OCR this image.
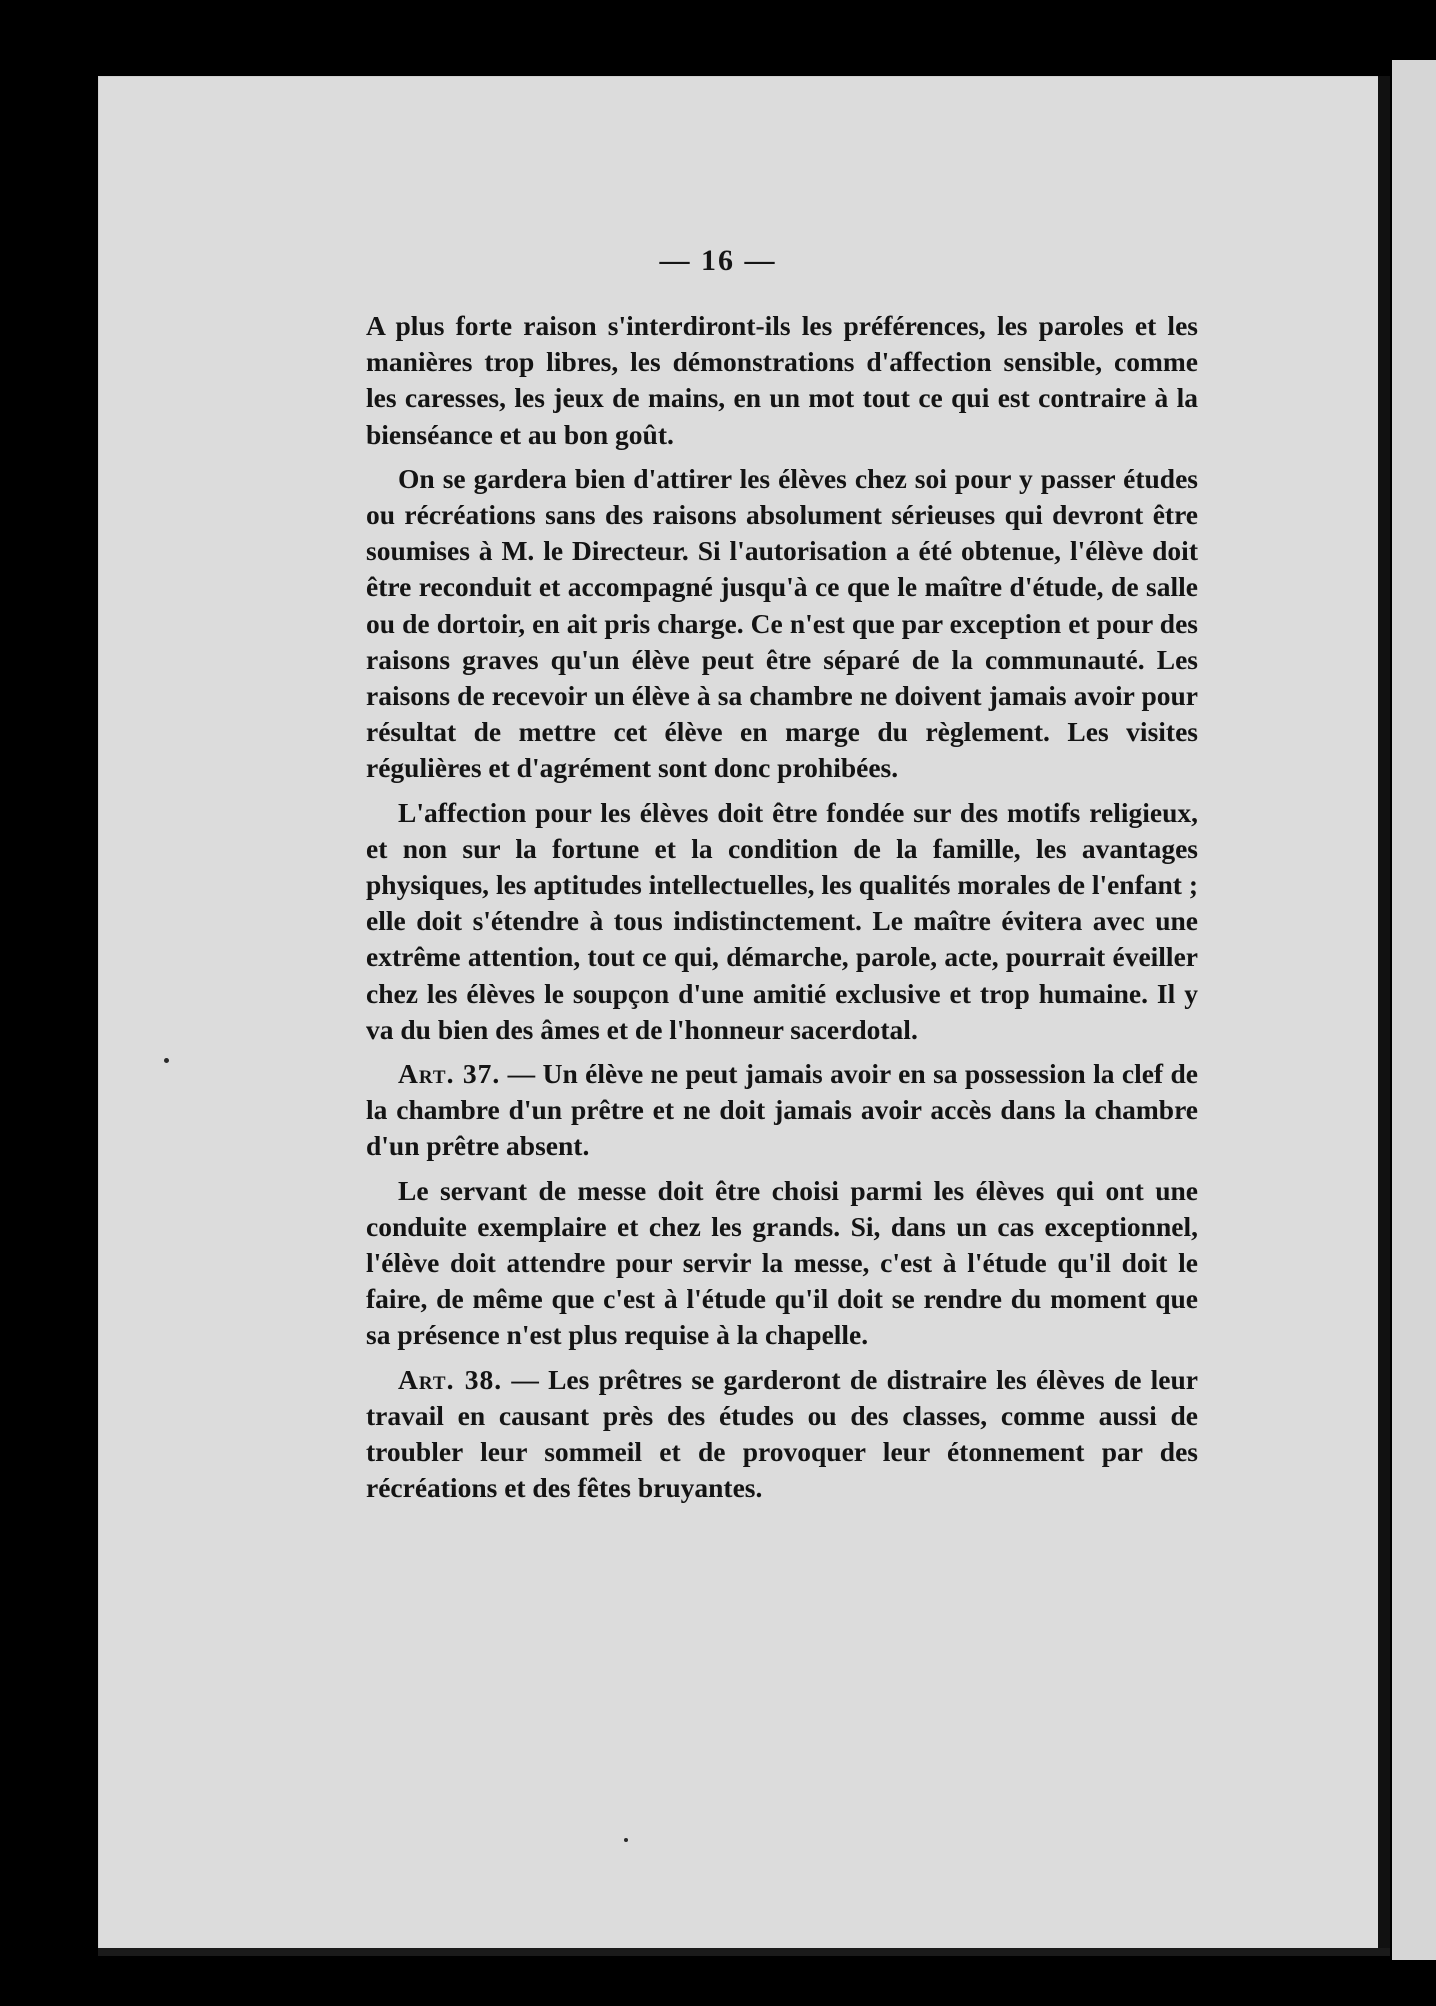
— 16 —

A plus forte raison s'interdiront-ils les préférences, les paroles et les manières trop libres, les démonstrations d'affection sensible, comme les caresses, les jeux de mains, en un mot tout ce qui est contraire à la bienséance et au bon goût.

On se gardera bien d'attirer les élèves chez soi pour y passer études ou récréations sans des raisons absolument sérieuses qui devront être soumises à M. le Directeur. Si l'autorisation a été obtenue, l'élève doit être reconduit et accompagné jusqu'à ce que le maître d'étude, de salle ou de dortoir, en ait pris charge. Ce n'est que par exception et pour des raisons graves qu'un élève peut être séparé de la communauté. Les raisons de recevoir un élève à sa chambre ne doivent jamais avoir pour résultat de mettre cet élève en marge du règlement. Les visites régulières et d'agrément sont donc prohibées.

L'affection pour les élèves doit être fondée sur des motifs religieux, et non sur la fortune et la condition de la famille, les avantages physiques, les aptitudes intellectuelles, les qualités morales de l'enfant ; elle doit s'étendre à tous indistinctement. Le maître évitera avec une extrême attention, tout ce qui, démarche, parole, acte, pourrait éveiller chez les élèves le soupçon d'une amitié exclusive et trop humaine. Il y va du bien des âmes et de l'honneur sacerdotal.

Art. 37. — Un élève ne peut jamais avoir en sa possession la clef de la chambre d'un prêtre et ne doit jamais avoir accès dans la chambre d'un prêtre absent.

Le servant de messe doit être choisi parmi les élèves qui ont une conduite exemplaire et chez les grands. Si, dans un cas exceptionnel, l'élève doit attendre pour servir la messe, c'est à l'étude qu'il doit le faire, de même que c'est à l'étude qu'il doit se rendre du moment que sa présence n'est plus requise à la chapelle.

Art. 38. — Les prêtres se garderont de distraire les élèves de leur travail en causant près des études ou des classes, comme aussi de troubler leur sommeil et de provoquer leur étonnement par des récréations et des fêtes bruyantes.
